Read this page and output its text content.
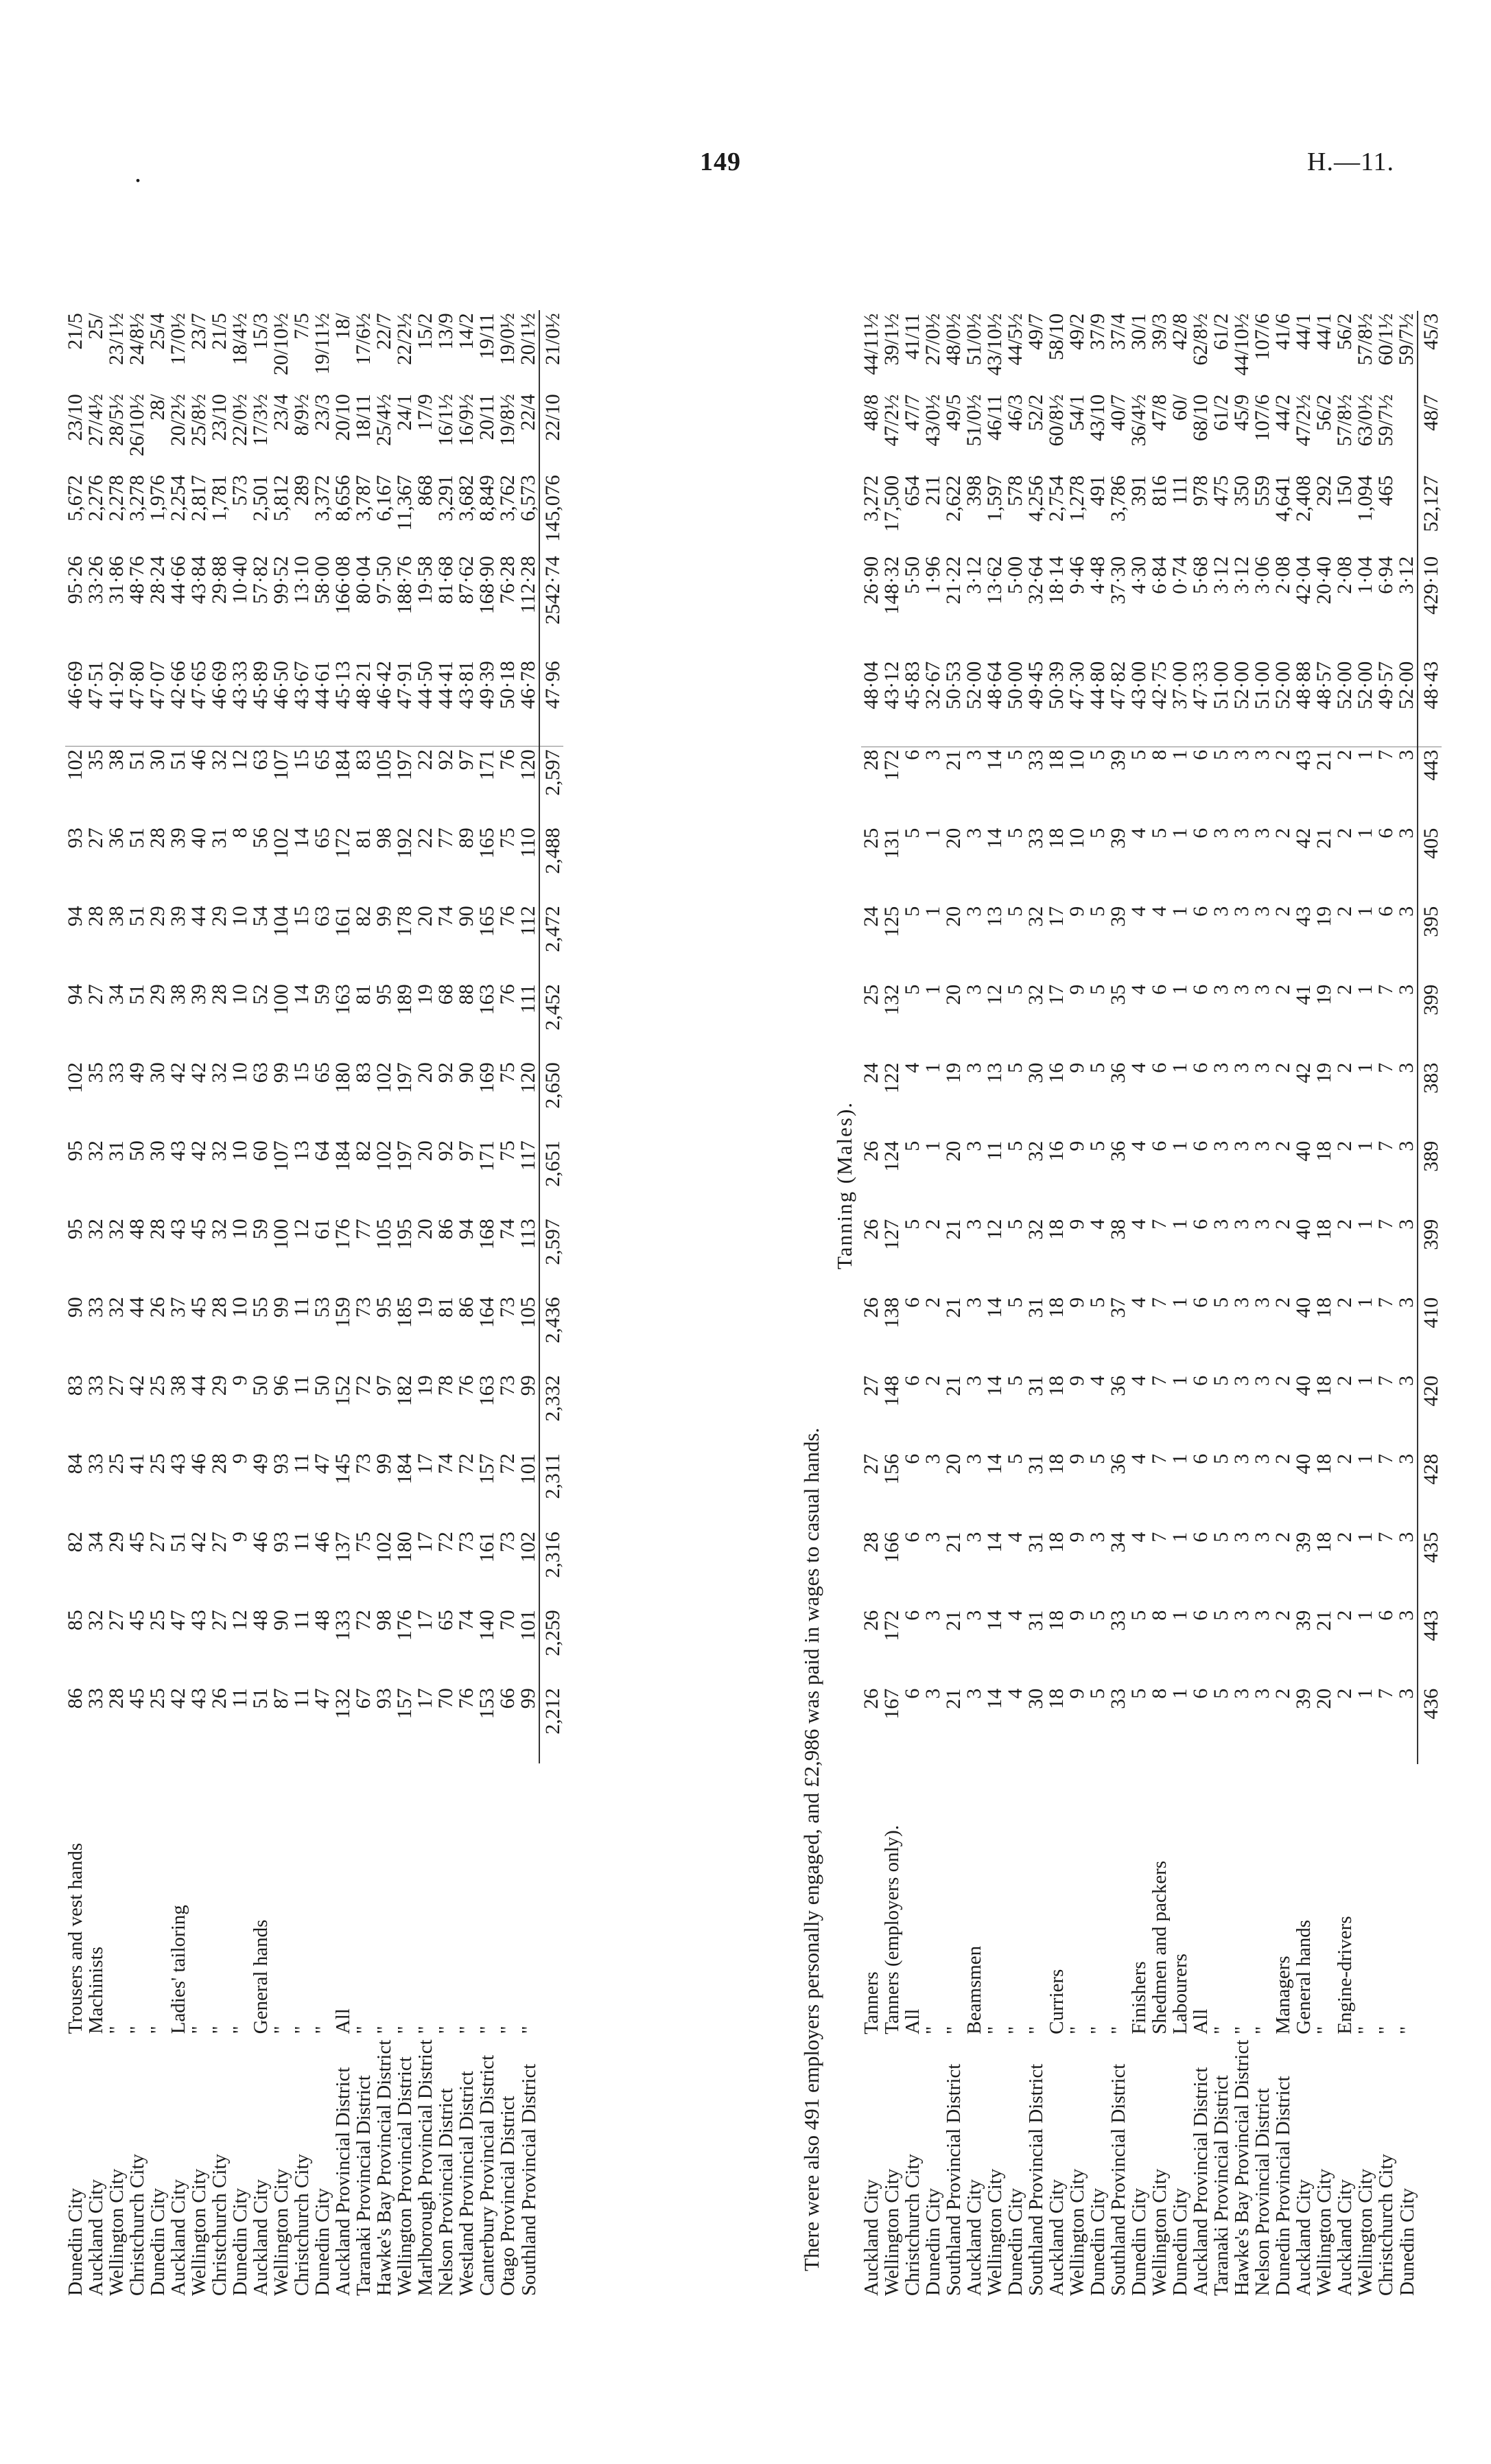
.	149	H.—11.
Dunedin City	Trousers and vest hands	86	85	82	84	83	90	95	95	102	94	94	93	102	46·69	95·26	5,672	23/10	21/5
Auckland City	Machinists	33	32	34	33	33	33	32	32	35	27	28	27	35	47·51	33·26	2,276	27/4½	25/
Wellington City	"	28	27	29	25	27	32	32	31	33	34	38	36	38	41·92	31·86	2,278	28/5½	23/1½
Christchurch City	"	45	45	45	41	42	44	48	50	49	51	51	51	51	47·80	48·76	3,278	26/10½	24/8½
Dunedin City	"	25	25	27	25	25	26	28	30	30	29	29	28	30	47·07	28·24	1,976	28/	25/4
Auckland City	Ladies' tailoring	42	47	51	43	38	37	43	43	42	38	39	39	51	42·66	44·66	2,254	20/2½	17/0½
Wellington City	"	43	43	42	46	44	45	45	42	42	39	44	40	46	47·65	43·84	2,817	25/8½	23/7
Christchurch City	"	26	27	27	28	29	28	32	32	32	28	29	31	32	46·69	29·88	1,781	23/10	21/5
Dunedin City	"	11	12	9	9	9	10	10	10	10	10	10	8	12	43·33	10·40	573	22/0½	18/4½
Auckland City	General hands	51	48	46	49	50	55	59	60	63	52	54	56	63	45·89	57·82	2,501	17/3½	15/3
Wellington City	"	87	90	93	93	96	99	100	107	99	100	104	102	107	46·50	99·52	5,812	23/4	20/10½
Christchurch City	"	11	11	11	11	11	11	12	13	15	14	15	14	15	43·67	13·10	289	8/9½	7/5
Dunedin City	"	47	48	46	47	50	53	61	64	65	59	63	65	65	44·61	58·00	3,372	23/3	19/11½
Auckland Provincial District	All	132	133	137	145	152	159	176	184	180	163	161	172	184	45·13	166·08	8,656	20/10	18/
Taranaki Provincial District	"	67	72	75	73	72	73	77	82	83	81	82	81	83	48·21	80·04	3,787	18/11	17/6½
Hawke's Bay Provincial District	"	93	98	102	99	97	95	105	102	102	95	99	98	105	46·42	97·50	6,167	25/4½	22/7
Wellington Provincial District	"	157	176	180	184	182	185	195	197	197	189	178	192	197	47·91	188·76	11,367	24/1	22/2½
Marlborough Provincial District	"	17	17	17	17	19	19	20	20	20	19	20	22	22	44·50	19·58	868	17/9	15/2
Nelson Provincial District	"	70	65	72	74	78	81	86	92	92	68	74	77	92	44·41	81·68	3,291	16/1½	13/9
Westland Provincial District	"	76	74	73	72	76	86	94	97	90	88	90	89	97	43·81	87·62	3,682	16/9½	14/2
Canterbury Provincial District	"	153	140	161	157	163	164	168	171	169	163	165	165	171	49·39	168·90	8,849	20/11	19/11
Otago Provincial District	"	66	70	73	72	73	73	74	75	75	76	76	75	76	50·18	76·28	3,762	19/8½	19/0½
Southland Provincial District	"	99	101	102	101	99	105	113	117	120	111	112	110	120	46·78	112·28	6,573	22/4	20/1½
		2,212	2,259	2,316	2,311	2,332	2,436	2,597	2,651	2,650	2,452	2,472	2,488	2,597	47·96	2542·74	145,076	22/10	21/0½
There were also 491 employers personally engaged, and £2,986 was paid in wages to casual hands.
Tanning (Males).
Auckland City	Tanners	26	26	28	27	27	26	26	26	24	25	24	25	28	48·04	26·90	3,272	48/8	44/11½
Wellington City	Tanners (employers only).	167	172	166	156	148	138	127	124	122	132	125	131	172	43·12	148·32	17,500	47/2½	39/1½
Christchurch City	All	6	6	6	6	6	6	5	5	4	5	5	5	6	45·83	5·50	654	47/7	41/11
Dunedin City	"	3	3	3	3	2	2	2	1	1	1	1	1	3	32·67	1·96	211	43/0½	27/0½
Southland Provincial District	"	21	21	21	20	21	21	21	20	19	20	20	20	21	50·53	21·22	2,622	49/5	48/0½
Auckland City	Beamsmen	3	3	3	3	3	3	3	3	3	3	3	3	3	52·00	3·12	398	51/0½	51/0½
Wellington City	"	14	14	14	14	14	14	12	11	13	12	13	14	14	48·64	13·62	1,597	46/11	43/10½
Dunedin City	"	4	4	4	5	5	5	5	5	5	5	5	5	5	50·00	5·00	578	46/3	44/5½
Southland Provincial District	"	30	31	31	31	31	31	32	32	30	32	32	33	33	49·45	32·64	4,256	52/2	49/7
Auckland City	Curriers	18	18	18	18	18	18	18	16	16	17	17	18	18	50·39	18·14	2,754	60/8½	58/10
Wellington City	"	9	9	9	9	9	9	9	9	9	9	9	10	10	47·30	9·46	1,278	54/1	49/2
Dunedin City	"	5	5	3	5	4	5	4	5	5	5	5	5	5	44·80	4·48	491	43/10	37/9
Southland Provincial District	"	33	33	34	36	36	37	38	36	36	35	39	39	39	47·82	37·30	3,786	40/7	37/4
Dunedin City	Finishers	5	5	4	4	4	4	4	4	4	4	4	4	5	43·00	4·30	391	36/4½	30/1
Wellington City	Shedmen and packers	8	8	7	7	7	7	7	6	6	6	4	5	8	42·75	6·84	816	47/8	39/3
Dunedin City	Labourers	1	1	1	1	1	1	1	1	1	1	1	1	1	37·00	0·74	111	60/	42/8
Auckland Provincial District	All	6	6	6	6	6	6	6	6	6	6	6	6	6	47·33	5·68	978	68/10	62/8½
Taranaki Provincial District	"	5	5	5	5	5	5	3	3	3	3	3	3	5	51·00	3·12	475	61/2	61/2
Hawke's Bay Provincial District	"	3	3	3	3	3	3	3	3	3	3	3	3	3	52·00	3·12	350	45/9	44/10½
Nelson Provincial District	"	3	3	3	3	3	3	3	3	3	3	3	3	3	51·00	3·06	559	107/6	107/6
Dunedin Provincial District	Managers	2	2	2	2	2	2	2	2	2	2	2	2	2	52·00	2·08	4,641	44/2	41/6
Auckland City	General hands	39	39	39	40	40	40	40	40	42	41	43	42	43	48·88	42·04	2,408	47/2½	44/1
Wellington City	"	20	21	18	18	18	18	18	18	19	19	19	21	21	48·57	20·40	292	56/2	44/1
Auckland City	Engine-drivers	2	2	2	2	2	2	2	2	2	2	2	2	2	52·00	2·08	150	57/8½	56/2
Wellington City	"	1	1	1	1	1	1	1	1	1	1	1	1	1	52·00	1·04	1,094	63/0½	57/8½
Christchurch City	"	7	6	7	7	7	7	7	7	7	7	6	6	7	49·57	6·94	465	59/7½	60/1½
Dunedin City	"	3	3	3	3	3	3	3	3	3	3	3	3	3	52·00	3·12			59/7½
		436	443	435	428	420	410	399	389	383	399	395	405	443	48·43	429·10	52,127	48/7	45/3
